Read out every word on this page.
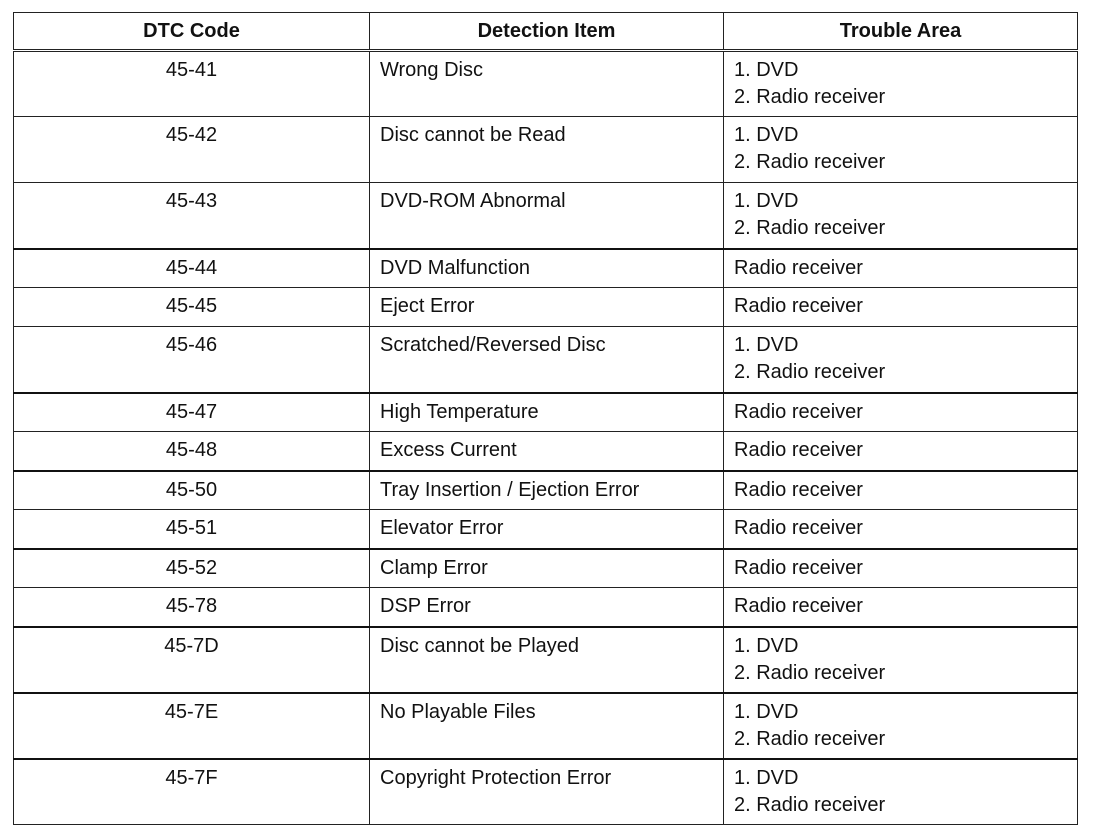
DTC Code	Detection Item	Trouble Area
45-41	Wrong Disc	1. DVD
2. Radio receiver

45-42	Disc cannot be Read	1. DVD
2. Radio receiver

45-43	DVD-ROM Abnormal	1. DVD
2. Radio receiver

45-44	DVD Malfunction	Radio receiver

45-45	Eject Error	Radio receiver

45-46	Scratched/Reversed Disc	1. DVD
2. Radio receiver

45-47	High Temperature	Radio receiver

45-48	Excess Current	Radio receiver

45-50	Tray Insertion / Ejection Error	Radio receiver

45-51	Elevator Error	Radio receiver

45-52	Clamp Error	Radio receiver

45-78	DSP Error	Radio receiver

45-7D	Disc cannot be Played	1. DVD
2. Radio receiver

45-7E	No Playable Files	1. DVD
2. Radio receiver

45-7F	Copyright Protection Error	1. DVD
2. Radio receiver
